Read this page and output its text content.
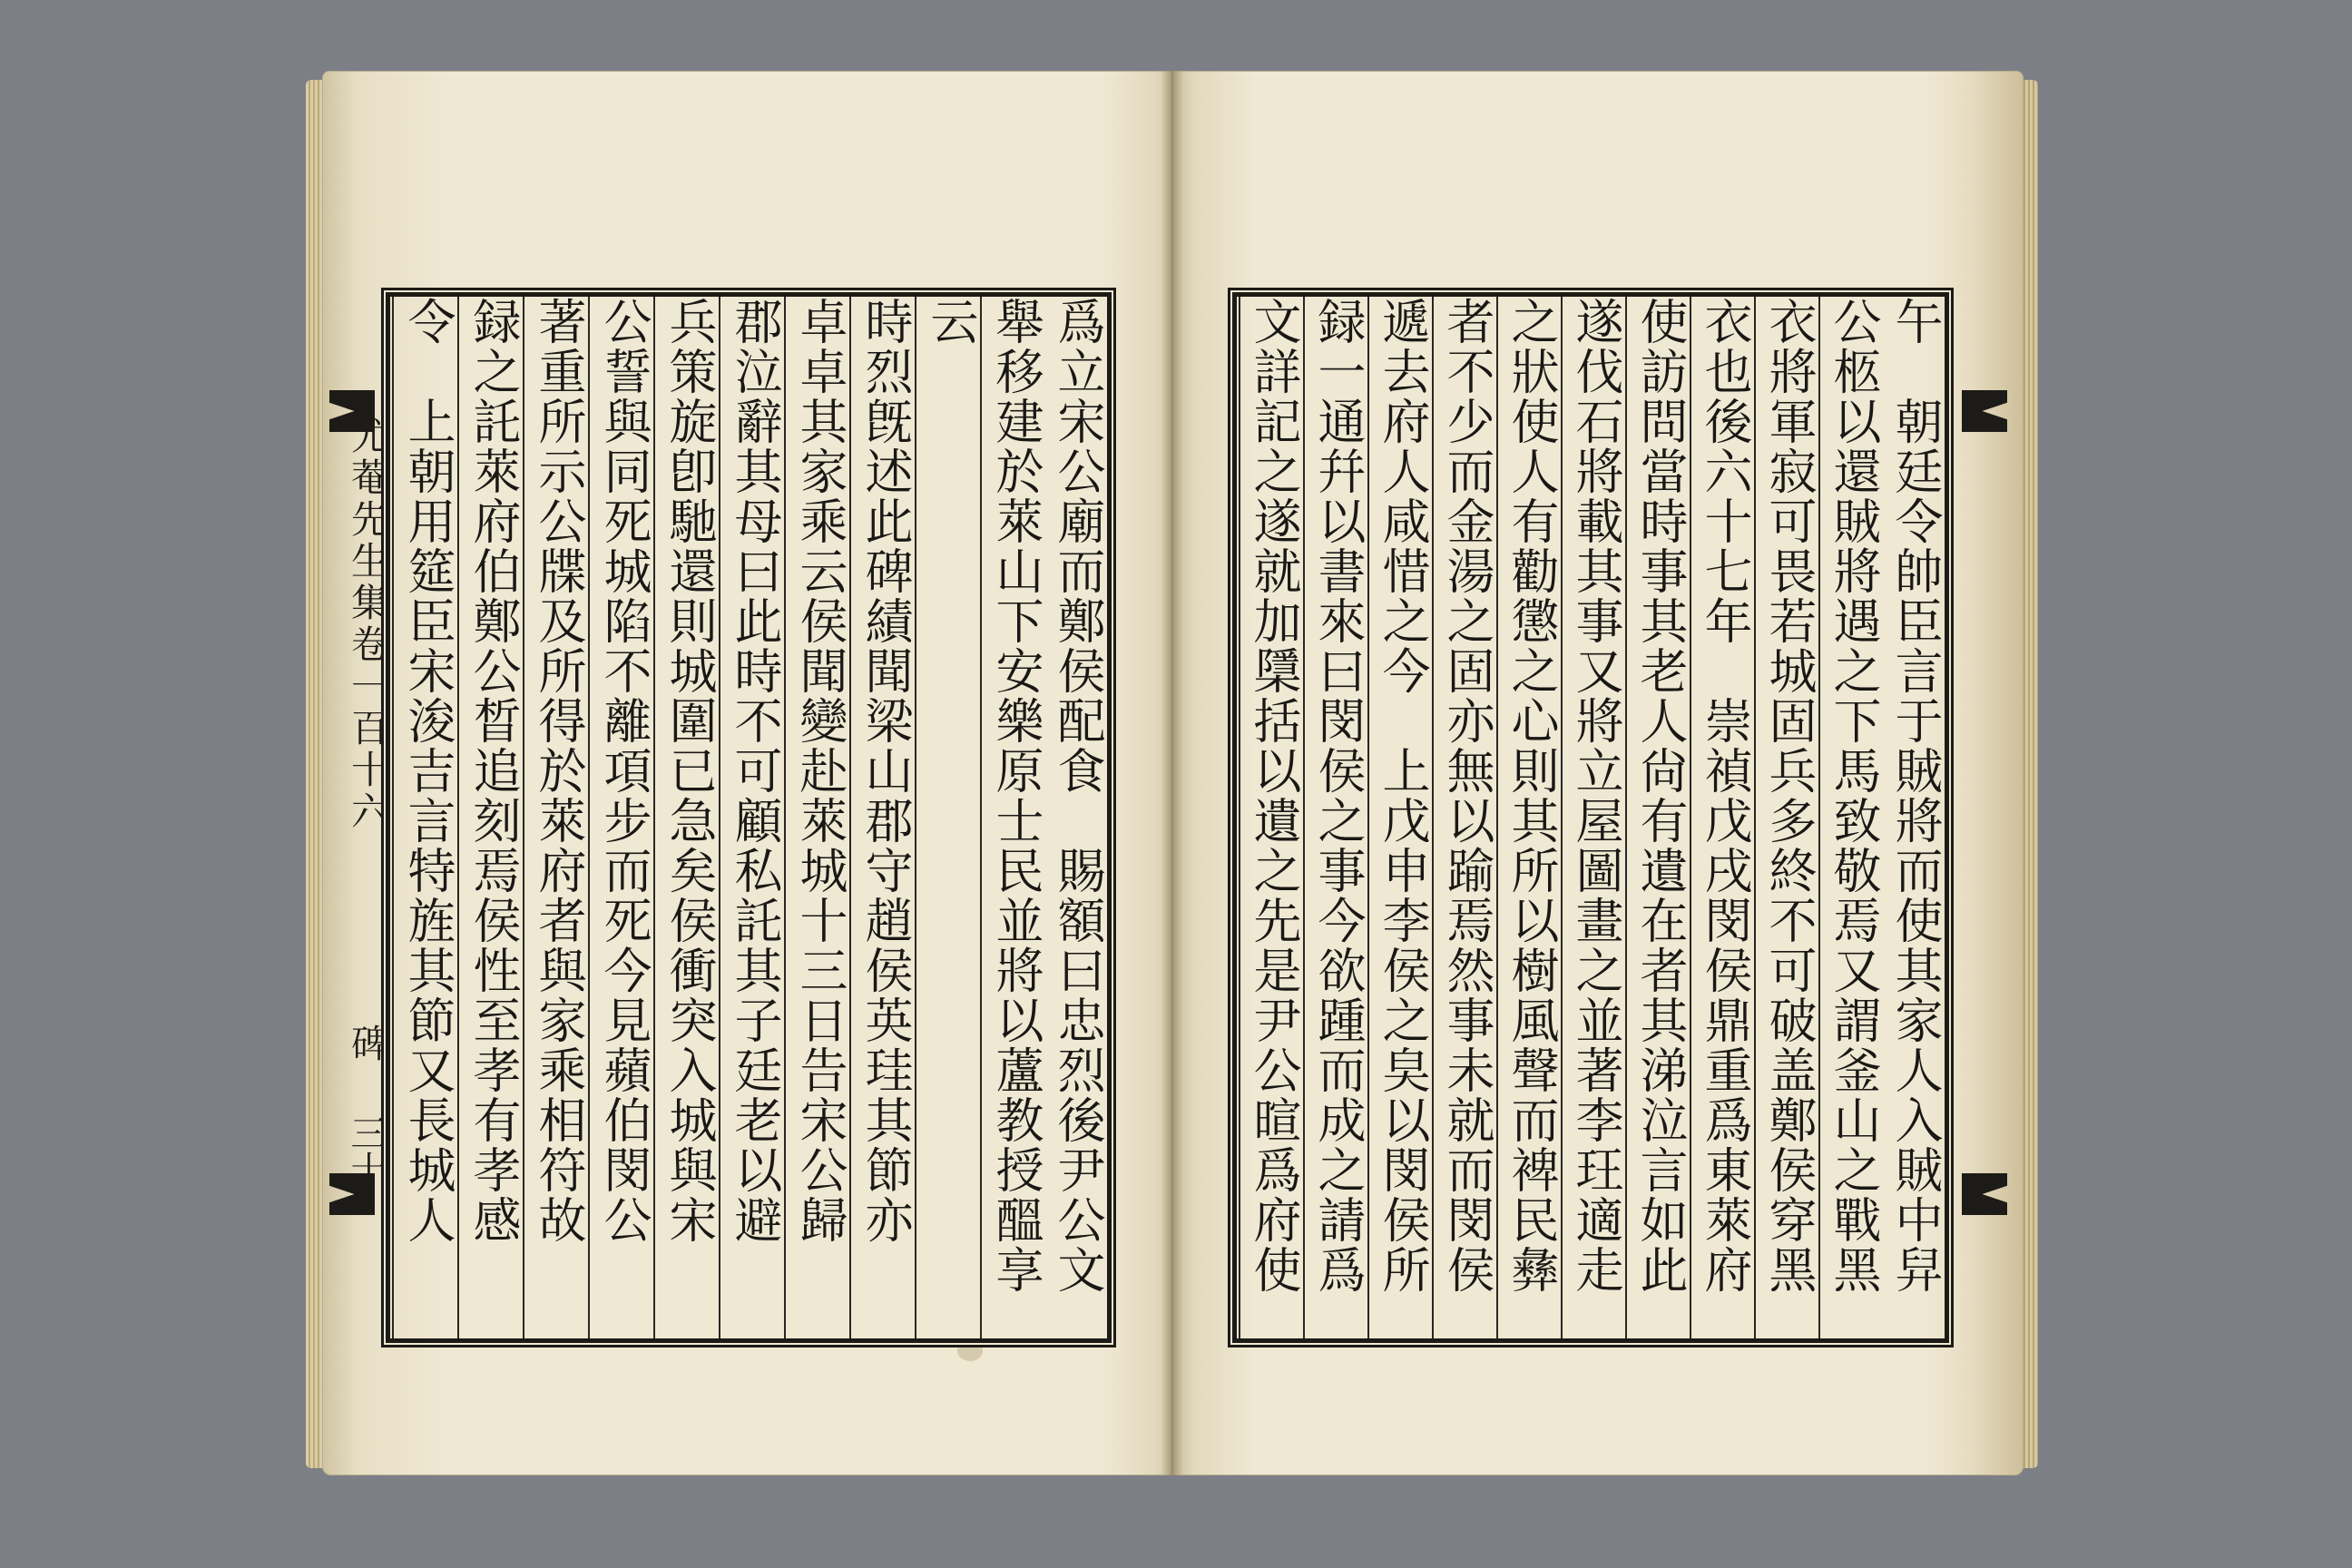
尤菴先生集卷一百十六
碑
三十	爲立宋公廟而鄭侯配食　賜額曰忠烈後尹公文
舉移建於萊山下安樂原士民並將以蘆教授醞享
云
時烈旣述此碑績聞梁山郡守趙侯英珪其節亦
卓卓其家乘云侯聞變赴萊城十三日告宋公歸
郡泣辭其母曰此時不可顧私託其子廷老以避
兵策旋卽馳還則城圍已急矣侯衝突入城與宋
公誓與同死城陷不離項步而死今見蘋伯閔公
著重所示公牒及所得於萊府者與家乘相符故
録之託萊府伯鄭公晳追刻焉侯性至孝有孝感
令　上朝用筵臣宋浚吉言特旌其節又長城人	午　朝廷令帥臣言于賊將而使其家人入賊中舁
公柩以還賊將遇之下馬致敬焉又謂釜山之戰黑
衣將軍寂可畏若城固兵多終不可破盖鄭侯穿黑
衣也後六十七年　崇禎戊戌閔侯鼎重爲東萊府
使訪問當時事其老人尙有遺在者其涕泣言如此
遂伐石將載其事又將立屋圖畫之並著李玨適走
之狀使人有勸懲之心則其所以樹風聲而裨民彝
者不少而金湯之固亦無以踰焉然事未就而閔侯
遞去府人咸惜之今　上戊申李侯之㚖以閔侯所
録一通幷以書來曰閔侯之事今欲踵而成之請爲
文詳記之遂就加檃括以遺之先是尹公暄爲府使
